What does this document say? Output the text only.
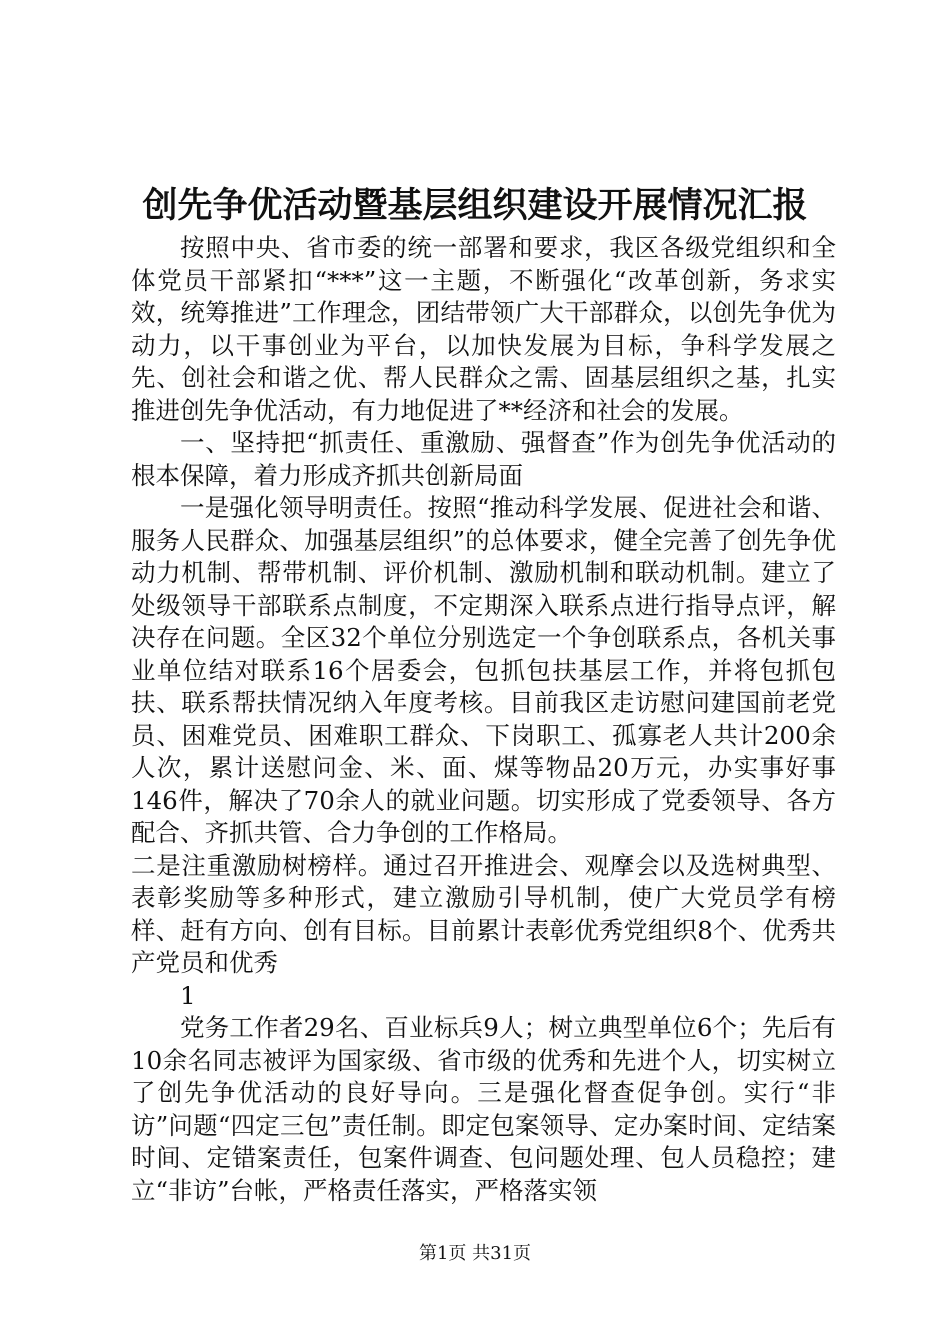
创先争优活动暨基层组织建设开展情况汇报

按照中央、省市委的统一部署和要求，我区各级党组织和全体党员干部紧扣“***”这一主题，不断强化“改革创新，务求实效，统筹推进”工作理念，团结带领广大干部群众，以创先争优为动力，以干事创业为平台，以加快发展为目标，争科学发展之先、创社会和谐之优、帮人民群众之需、固基层组织之基，扎实推进创先争优活动，有力地促进了**经济和社会的发展。

一、坚持把“抓责任、重激励、强督查”作为创先争优活动的根本保障，着力形成齐抓共创新局面

一是强化领导明责任。按照“推动科学发展、促进社会和谐、服务人民群众、加强基层组织”的总体要求，健全完善了创先争优动力机制、帮带机制、评价机制、激励机制和联动机制。建立了处级领导干部联系点制度，不定期深入联系点进行指导点评，解决存在问题。全区32个单位分别选定一个争创联系点，各机关事业单位结对联系16个居委会，包抓包扶基层工作，并将包抓包扶、联系帮扶情况纳入年度考核。目前我区走访慰问建国前老党员、困难党员、困难职工群众、下岗职工、孤寡老人共计200余人次，累计送慰问金、米、面、煤等物品20万元，办实事好事146件，解决了70余人的就业问题。切实形成了党委领导、各方配合、齐抓共管、合力争创的工作格局。

二是注重激励树榜样。通过召开推进会、观摩会以及选树典型、表彰奖励等多种形式，建立激励引导机制，使广大党员学有榜样、赶有方向、创有目标。目前累计表彰优秀党组织8个、优秀共产党员和优秀

1

党务工作者29名、百业标兵9人；树立典型单位6个；先后有10余名同志被评为国家级、省市级的优秀和先进个人，切实树立了创先争优活动的良好导向。三是强化督查促争创。实行“非访”问题“四定三包”责任制。即定包案领导、定办案时间、定结案时间、定错案责任，包案件调查、包问题处理、包人员稳控；建立“非访”台帐，严格责任落实，严格落实领

第1页 共31页
